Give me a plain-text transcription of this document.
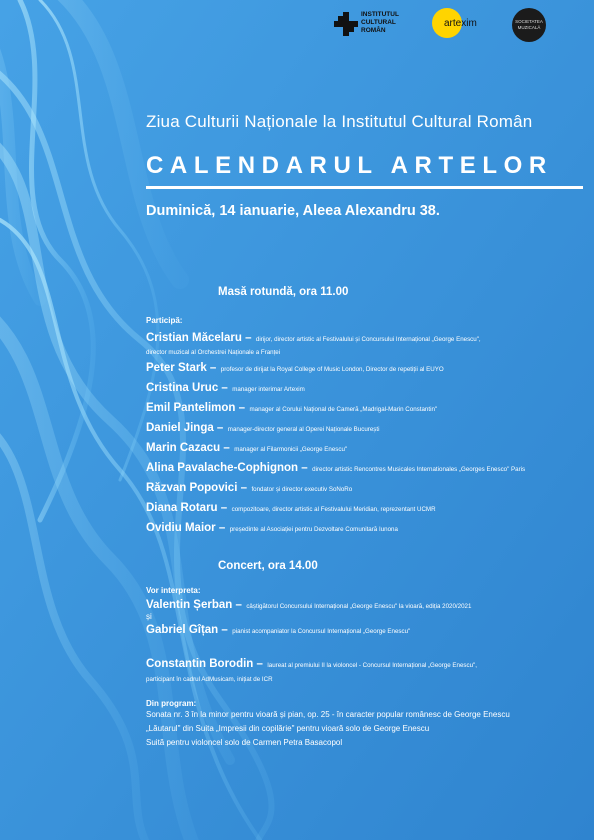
INSTITUTUL
CULTURAL
ROMÂN
artexim	SOCIETATEA
MUZICALĂ
Ziua Culturii Naționale la Institutul Cultural Român
CALENDARUL ARTELOR
Duminică, 14 ianuarie, Aleea Alexandru 38.
Masă rotundă, ora 11.00
Participă:
Cristian Măcelaru – dirijor, director artistic al Festivalului și Concursului Internațional „George Enescu",
director muzical al Orchestrei Naționale a Franței
Peter Stark – profesor de dirijat la Royal College of Music London, Director de repetiții al EUYO
Cristina Uruc – manager interimar Artexim
Emil Pantelimon – manager al Corului Național de Cameră „Madrigal-Marin Constantin"
Daniel Jinga – manager-director general al Operei Naționale București
Marin Cazacu – manager al Filarmonicii „George Enescu"
Alina Pavalache-Cophignon – director artistic Rencontres Musicales Internationales „Georges Enesco" Paris
Răzvan Popovici – fondator și director executiv SoNoRo
Diana Rotaru – compozitoare, director artistic al Festivalului Meridian, reprezentant UCMR
Ovidiu Maior – președinte al Asociației pentru Dezvoltare Comunitară Iunona
Concert, ora 14.00
Vor interpreta:
Valentin Șerban – câștigătorul Concursului Internațional „George Enescu" la vioară, ediția 2020/2021
și
Gabriel Gîțan – pianist acompaniator la Concursul Internațional „George Enescu"
Constantin Borodin – laureat al premiului II la violoncel - Concursul Internațional „George Enescu",
participant în cadrul AdMusicam, inițiat de ICR
Din program:
Sonata nr. 3 în la minor pentru vioară și pian, op. 25 - în caracter popular românesc de George Enescu
„Lăutarul" din Suita „Impresii din copilărie" pentru vioară solo de George Enescu
Suită pentru violoncel solo de Carmen Petra Basacopol
